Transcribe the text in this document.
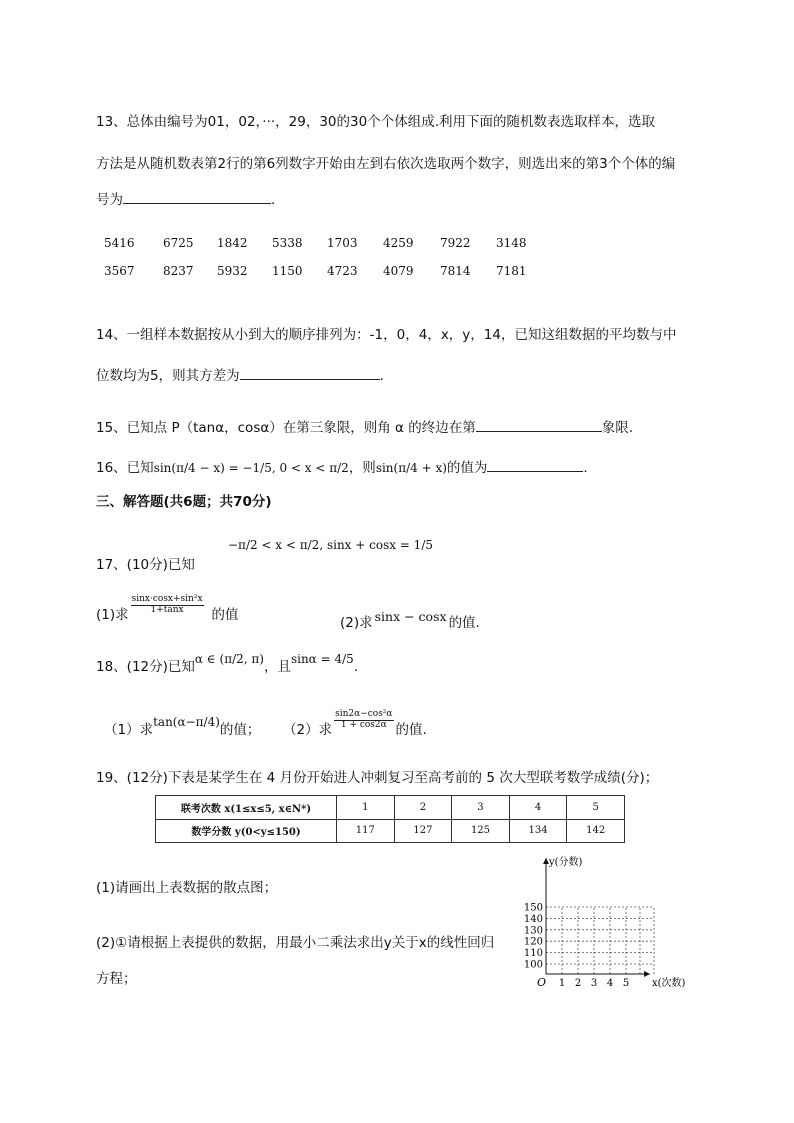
13、总体由编号为01，02，···，29，30的30个个体组成.利用下面的随机数表选取样本，选取
方法是从随机数表第2行的第6列数字开始由左到右依次选取两个数字，则选出来的第3个个体的编
号为	.
5416 6725 1842 5338 1703 4259 7922 3148
3567 8237 5932 1150 4723 4079 7814 7181
14、一组样本数据按从小到大的顺序排列为：-1，0，4，x，y，14，已知这组数据的平均数与中
位数均为5，则其方差为	.
15、已知点 P（tanα，cosα）在第三象限，则角 α 的终边在第	象限.
16、已知sin(π/4 − x) = −1/5, 0 < x < π/2，则sin(π/4 + x)的值为	.
三、解答题(共6题；共70分)
−π/2 < x < π/2, sinx + cosx = 1/5
17、(10分)已知
(1)求
$\frac{\text{sinx·cosx+sin²x}}{1+\tan x}$
的值	(2)求 sinx − cosx 的值.
18、(12分)已知α ∈ (π/2, π)，且sinα = 4/5.
（1）求tan(α−π/4)的值； （2）求
$\frac{\text{sin2α−cos²α}}{1 + \cos 2\alpha}$
的值.
19、(12分)下表是某学生在 4 月份开始进人冲刺复习至高考前的 5 次大型联考数学成绩(分)；
联考次数 x(1≤x≤5, x∈N*)	1	2	3	4	5
数学分数 y(0<y≤150)	117	127	125	134	142
(1)请画出上表数据的散点图；
(2)①请根据上表提供的数据，用最小二乘法求出y关于x的线性回归
方程；
100
110
120
130
140
150
1 2 3 4 5 x(次数)
y(分数)
O
